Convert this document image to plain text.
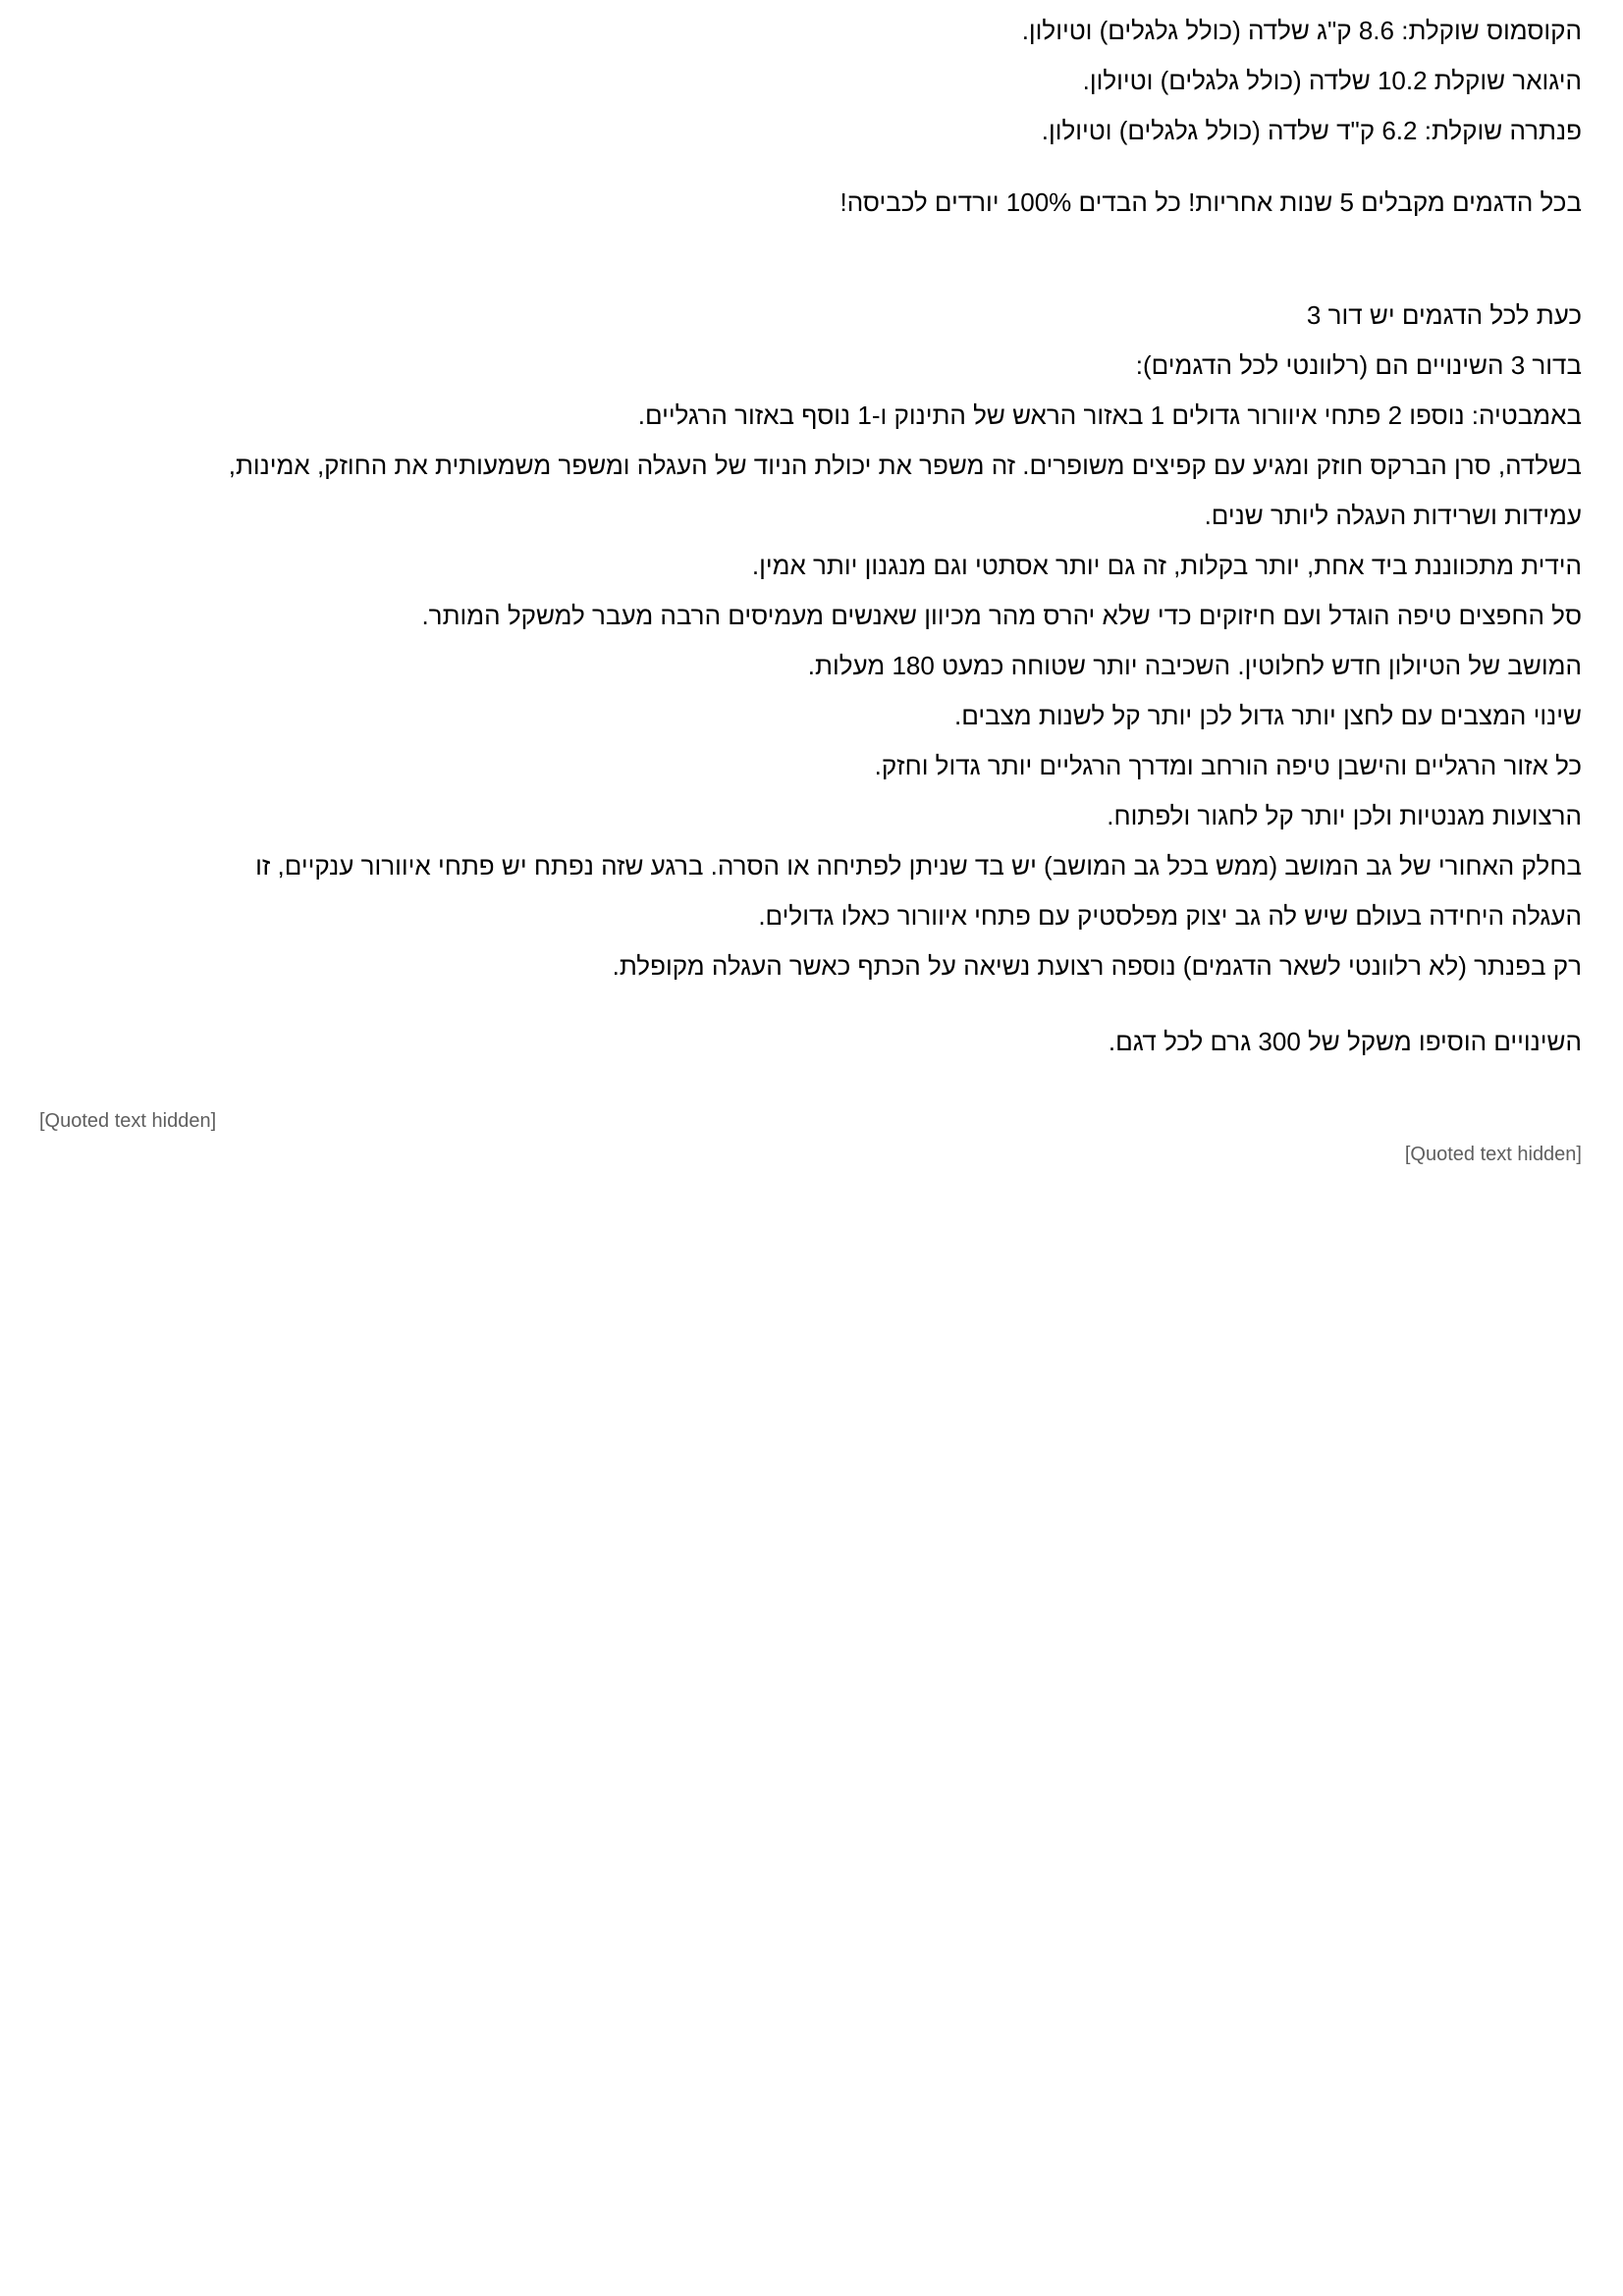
הקוסמוס שוקלת: 8.6 ק"ג שלדה (כולל גלגלים) וטיולון.
היגואר שוקלת 10.2 שלדה (כולל גלגלים) וטיולון.
פנתרה שוקלת: 6.2 ק"ד שלדה (כולל גלגלים) וטיולון.
בכל הדגמים מקבלים 5 שנות אחריות! כל הבדים 100% יורדים לכביסה!
כעת לכל הדגמים יש דור 3
בדור 3 השינויים הם (רלוונטי לכל הדגמים):
באמבטיה: נוספו 2 פתחי איוורור גדולים 1 באזור הראש של התינוק ו-1 נוסף באזור הרגליים.
בשלדה, סרן הברקס חוזק ומגיע עם קפיצים משופרים. זה משפר את יכולת הניוד של העגלה ומשפר משמעותית את החוזק, אמינות,
עמידות ושרידות העגלה ליותר שנים.
הידית מתכווננת ביד אחת, יותר בקלות, זה גם יותר אסתטי וגם מנגנון יותר אמין.
סל החפצים טיפה הוגדל ועם חיזוקים כדי שלא יהרס מהר מכיוון שאנשים מעמיסים הרבה מעבר למשקל המותר.
המושב של הטיולון חדש לחלוטין. השכיבה יותר שטוחה כמעט 180 מעלות.
שינוי המצבים עם לחצן יותר גדול לכן יותר קל לשנות מצבים.
כל אזור הרגליים והישבן טיפה הורחב ומדרך הרגליים יותר גדול וחזק.
הרצועות מגנטיות ולכן יותר קל לחגור ולפתוח.
בחלק האחורי של גב המושב (ממש בכל גב המושב) יש בד שניתן לפתיחה או הסרה. ברגע שזה נפתח יש פתחי איוורור ענקיים, זו
העגלה היחידה בעולם שיש לה גב יצוק מפלסטיק עם פתחי איוורור כאלו גדולים.
רק בפנתר (לא רלוונטי לשאר הדגמים) נוספה רצועת נשיאה על הכתף כאשר העגלה מקופלת.
השינויים הוסיפו משקל של 300 גרם לכל דגם.
[Quoted text hidden]
[Quoted text hidden]
